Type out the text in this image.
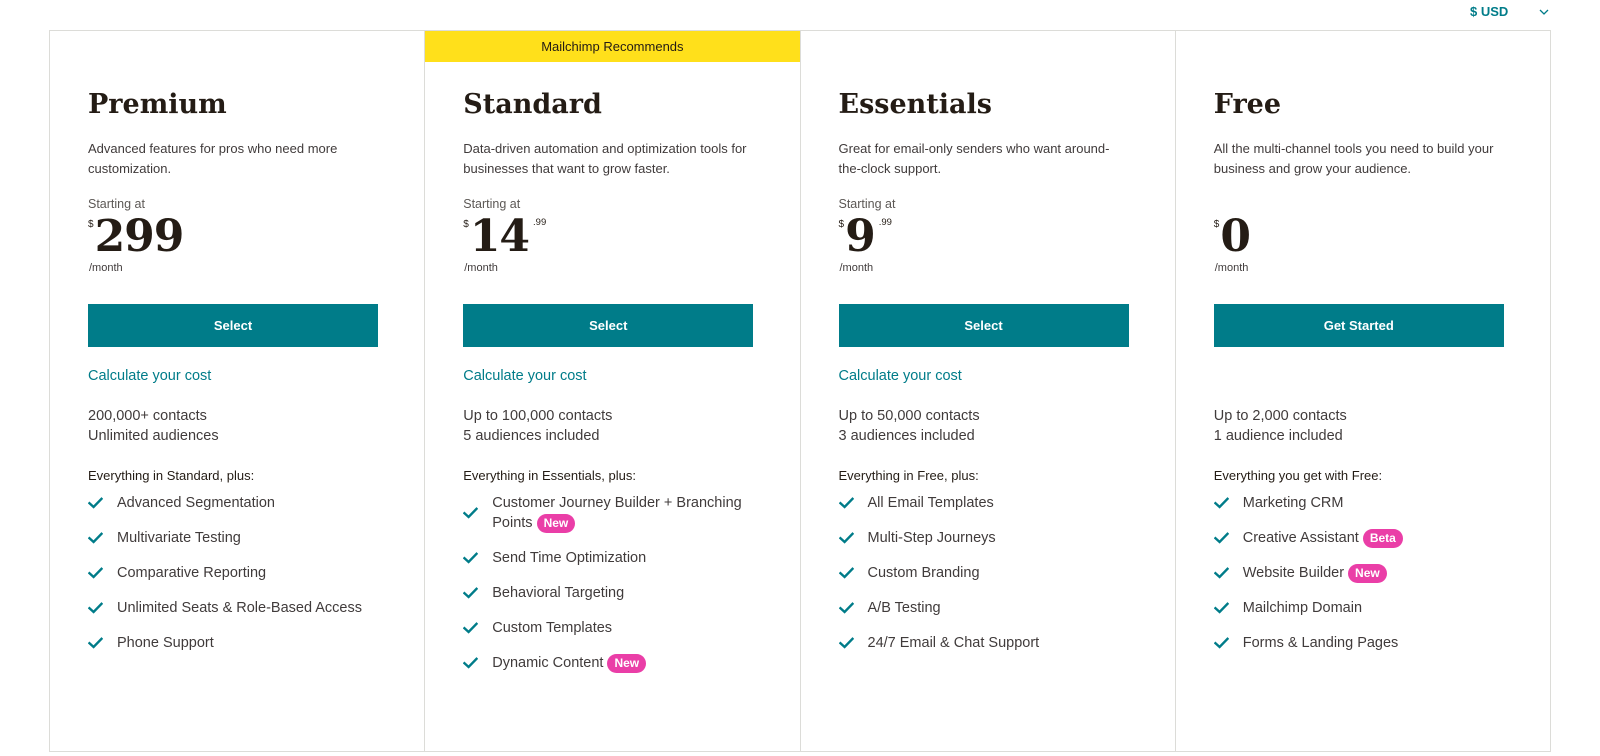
$ USD
Premium

Advanced features for pros who need more customization.

Starting at
$ 299
/month
Select
Calculate your cost
200,000+ contacts
Unlimited audiences
Everything in Standard, plus:
Advanced Segmentation
Multivariate Testing
Comparative Reporting
Unlimited Seats & Role-Based Access
Phone Support
Mailchimp Recommends
Standard

Data-driven automation and optimization tools for businesses that want to grow faster.

Starting at
$ 14 .99
/month
Select
Calculate your cost
Up to 100,000 contacts
5 audiences included
Everything in Essentials, plus:
Customer Journey Builder + Branching Points New
Send Time Optimization
Behavioral Targeting
Custom Templates
Dynamic Content New
Essentials

Great for email-only senders who want around-the-clock support.

Starting at
$ 9 .99
/month
Select
Calculate your cost
Up to 50,000 contacts
3 audiences included
Everything in Free, plus:
All Email Templates
Multi-Step Journeys
Custom Branding
A/B Testing
24/7 Email & Chat Support
Free

All the multi-channel tools you need to build your business and grow your audience.

$ 0
/month
Get Started
Up to 2,000 contacts
1 audience included
Everything you get with Free:
Marketing CRM
Creative Assistant Beta
Website Builder New
Mailchimp Domain
Forms & Landing Pages
